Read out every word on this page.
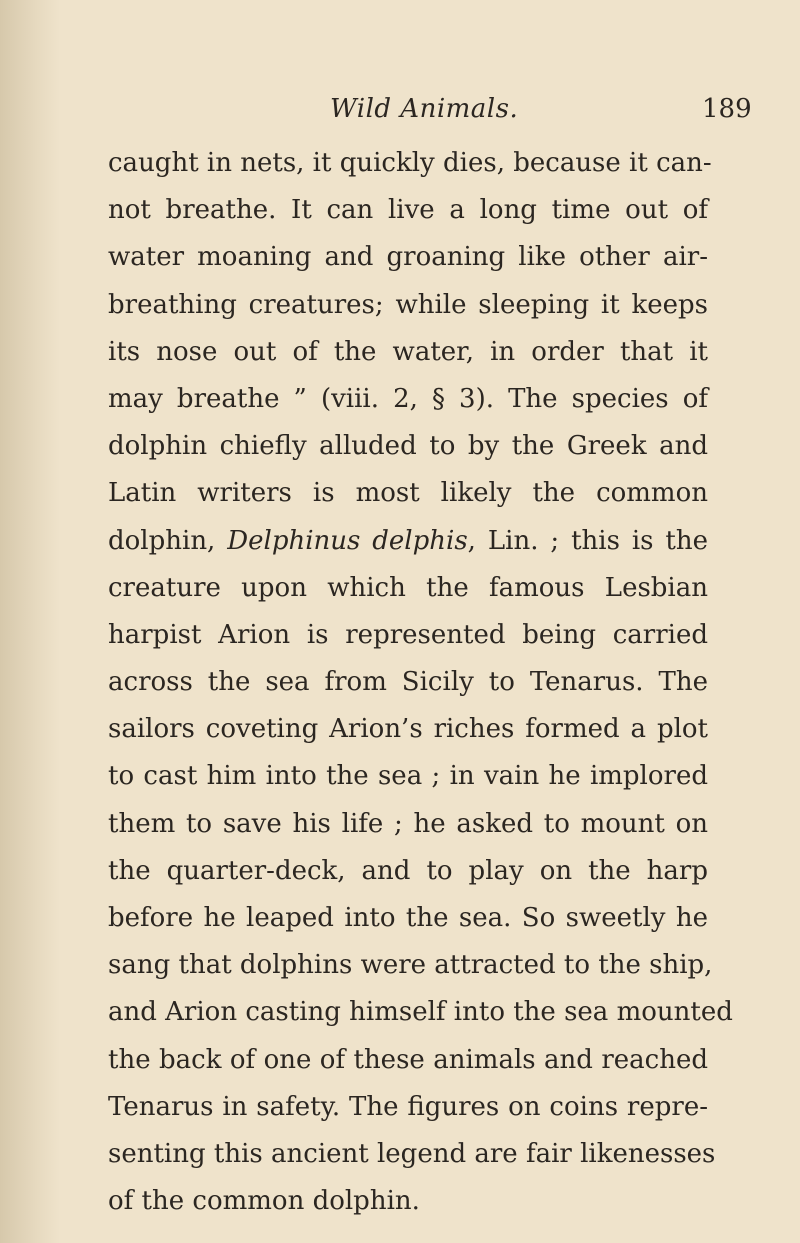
Wild Animals.	189
caught in nets, it quickly dies, because it can-
not breathe. It can live a long time out of
water moaning and groaning like other air-
breathing creatures; while sleeping it keeps
its nose out of the water, in order that it
may breathe ” (viii. 2, § 3). The species of
dolphin chiefly alluded to by the Greek and
Latin writers is most likely the common
dolphin, Delphinus delphis, Lin. ; this is the
creature upon which the famous Lesbian
harpist Arion is represented being carried
across the sea from Sicily to Tenarus. The
sailors coveting Arion’s riches formed a plot
to cast him into the sea ; in vain he implored
them to save his life ; he asked to mount on
the quarter-deck, and to play on the harp
before he leaped into the sea. So sweetly he
sang that dolphins were attracted to the ship,
and Arion casting himself into the sea mounted
the back of one of these animals and reached
Tenarus in safety. The figures on coins repre-
senting this ancient legend are fair likenesses
of the common dolphin.
